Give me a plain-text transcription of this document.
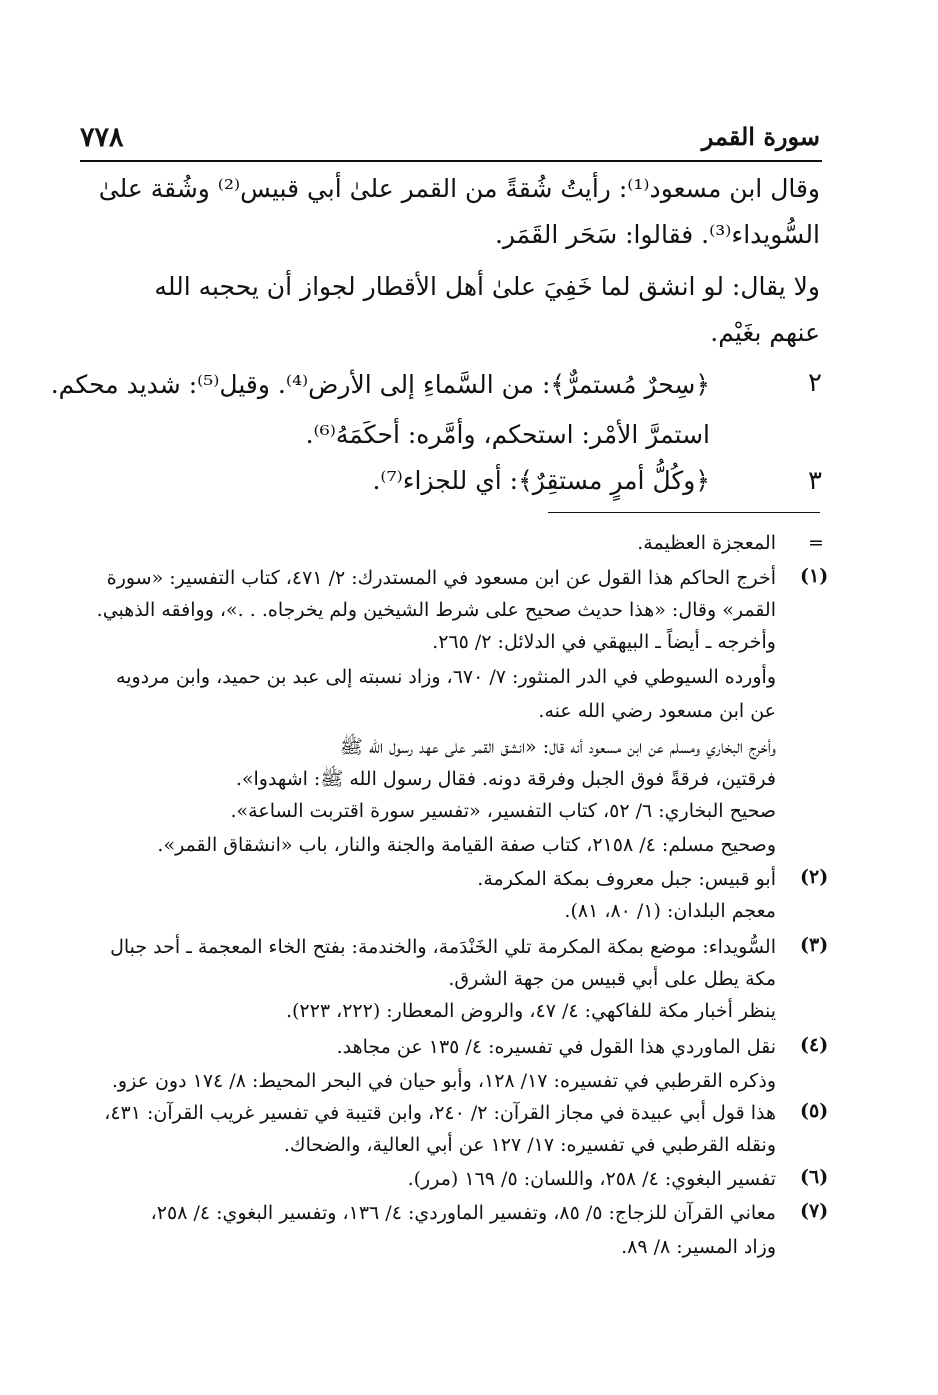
٧٧٨	سورة القمر
وقال ابن مسعود⁽¹⁾: رأيتُ شُقةً من القمر علىٰ أبي قبيس⁽²⁾ وشُقة علىٰ
السُّويداء⁽³⁾. فقالوا: سَحَر القَمَر.
ولا يقال: لو انشق لما خَفِيَ علىٰ أهل الأقطار لجواز أن يحجبه الله
عنهم بغَيْم.
٢
﴿سِحرٌ مُستمرٌّ﴾: من السَّماءِ إلى الأرض⁽⁴⁾. وقيل⁽⁵⁾: شديد محكم.
استمرَّ الأمْر: استحكم، وأمَّره: أحكَمَهُ⁽⁶⁾.
٣
﴿وكُلُّ أمرٍ مستقِرٌ﴾: أي للجزاء⁽⁷⁾.
=
المعجزة العظيمة.
(١)
أخرج الحاكم هذا القول عن ابن مسعود في المستدرك: ٢/ ٤٧١، كتاب التفسير: «سورة
القمر» وقال: «هذا حديث صحيح على شرط الشيخين ولم يخرجاه. . .»، ووافقه الذهبي.
وأخرجه ـ أيضاً ـ البيهقي في الدلائل: ٢/ ٢٦٥.
وأورده السيوطي في الدر المنثور: ٧/ ٦٧٠، وزاد نسبته إلى عبد بن حميد، وابن مردويه
عن ابن مسعود رضي الله عنه.
وأخرج البخاري ومسلم عن ابن مسعود أنه قال: «انشق القمر على عهد رسول الله ﷺ
فرقتين، فرقةً فوق الجبل وفرقة دونه. فقال رسول الله ﷺ: اشهدوا».
صحيح البخاري: ٦/ ٥٢، كتاب التفسير، «تفسير سورة اقتربت الساعة».
وصحيح مسلم: ٤/ ٢١٥٨، كتاب صفة القيامة والجنة والنار، باب «انشقاق القمر».
(٢)
أبو قبيس: جبل معروف بمكة المكرمة.
معجم البلدان: (١/ ٨٠، ٨١).
(٣)
السُّويداء: موضع بمكة المكرمة تلي الخَنْدَمة، والخندمة: بفتح الخاء المعجمة ـ أحد جبال
مكة يطل على أبي قبيس من جهة الشرق.
ينظر أخبار مكة للفاكهي: ٤/ ٤٧، والروض المعطار: (٢٢٢، ٢٢٣).
(٤)
نقل الماوردي هذا القول في تفسيره: ٤/ ١٣٥ عن مجاهد.
وذكره القرطبي في تفسيره: ١٧/ ١٢٨، وأبو حيان في البحر المحيط: ٨/ ١٧٤ دون عزو.
(٥)
هذا قول أبي عبيدة في مجاز القرآن: ٢/ ٢٤٠، وابن قتيبة في تفسير غريب القرآن: ٤٣١،
ونقله القرطبي في تفسيره: ١٧/ ١٢٧ عن أبي العالية، والضحاك.
(٦)
تفسير البغوي: ٤/ ٢٥٨، واللسان: ٥/ ١٦٩ (مرر).
(٧)
معاني القرآن للزجاج: ٥/ ٨٥، وتفسير الماوردي: ٤/ ١٣٦، وتفسير البغوي: ٤/ ٢٥٨،
وزاد المسير: ٨/ ٨٩.
